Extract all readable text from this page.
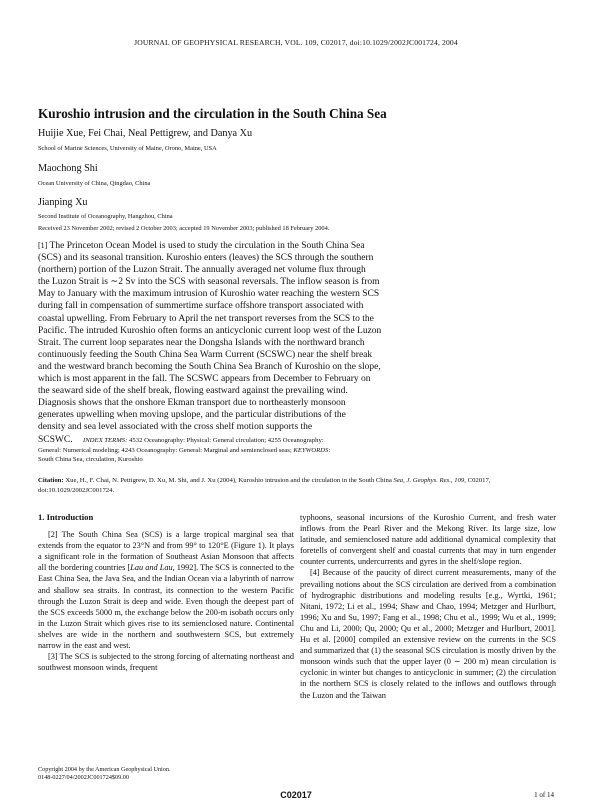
JOURNAL OF GEOPHYSICAL RESEARCH, VOL. 109, C02017, doi:10.1029/2002JC001724, 2004
Kuroshio intrusion and the circulation in the South China Sea
Huijie Xue, Fei Chai, Neal Pettigrew, and Danya Xu
School of Marine Sciences, University of Maine, Orono, Maine, USA
Maochong Shi
Ocean University of China, Qingdao, China
Jianping Xu
Second Institute of Oceanography, Hangzhou, China
Received 23 November 2002; revised 2 October 2003; accepted 19 November 2003; published 18 February 2004.
[1] The Princeton Ocean Model is used to study the circulation in the South China Sea
(SCS) and its seasonal transition. Kuroshio enters (leaves) the SCS through the southern
(northern) portion of the Luzon Strait. The annually averaged net volume flux through
the Luzon Strait is ∼2 Sv into the SCS with seasonal reversals. The inflow season is from
May to January with the maximum intrusion of Kuroshio water reaching the western SCS
during fall in compensation of summertime surface offshore transport associated with
coastal upwelling. From February to April the net transport reverses from the SCS to the
Pacific. The intruded Kuroshio often forms an anticyclonic current loop west of the Luzon
Strait. The current loop separates near the Dongsha Islands with the northward branch
continuously feeding the South China Sea Warm Current (SCSWC) near the shelf break
and the westward branch becoming the South China Sea Branch of Kuroshio on the slope,
which is most apparent in the fall. The SCSWC appears from December to February on
the seaward side of the shelf break, flowing eastward against the prevailing wind.
Diagnosis shows that the onshore Ekman transport due to northeasterly monsoon
generates upwelling when moving upslope, and the particular distributions of the
density and sea level associated with the cross shelf motion supports the
SCSWC. INDEX TERMS: 4532 Oceanography: Physical: General circulation; 4255 Oceanography:
General: Numerical modeling; 4243 Oceanography: General: Marginal and semienclosed seas; KEYWORDS:
South China Sea, circulation, Kuroshio
Citation: Xue, H., F. Chai, N. Pettigrew, D. Xu, M. Shi, and J. Xu (2004), Kuroshio intrusion and the circulation in the South China Sea, J. Geophys. Res., 109, C02017, doi:10.1029/2002JC001724.
1. Introduction

[2] The South China Sea (SCS) is a large tropical marginal sea that extends from the equator to 23°N and from 99° to 120°E (Figure 1). It plays a significant role in the formation of Southeast Asian Monsoon that affects all the bordering countries [Lau and Lau, 1992]. The SCS is connected to the East China Sea, the Java Sea, and the Indian Ocean via a labyrinth of narrow and shallow sea straits. In contrast, its connection to the western Pacific through the Luzon Strait is deep and wide. Even though the deepest part of the SCS exceeds 5000 m, the exchange below the 200-m isobath occurs only in the Luzon Strait which gives rise to its semienclosed nature. Continental shelves are wide in the northern and southwestern SCS, but extremely narrow in the east and west.

[3] The SCS is subjected to the strong forcing of alternating northeast and southwest monsoon winds, frequent

typhoons, seasonal incursions of the Kuroshio Current, and fresh water inflows from the Pearl River and the Mekong River. Its large size, low latitude, and semienclosed nature add additional dynamical complexity that foretells of convergent shelf and coastal currents that may in turn engender counter currents, undercurrents and gyres in the shelf/slope region.

[4] Because of the paucity of direct current measurements, many of the prevailing notions about the SCS circulation are derived from a combination of hydrographic distributions and modeling results [e.g., Wyrtki, 1961; Nitani, 1972; Li et al., 1994; Shaw and Chao, 1994; Metzger and Hurlburt, 1996; Xu and Su, 1997; Fang et al., 1998; Chu et al., 1999; Wu et al., 1999; Chu and Li, 2000; Qu, 2000; Qu et al., 2000; Metzger and Hurlburt, 2001]. Hu et al. [2000] compiled an extensive review on the currents in the SCS and summarized that (1) the seasonal SCS circulation is mostly driven by the monsoon winds such that the upper layer (0 ∼ 200 m) mean circulation is cyclonic in winter but changes to anticyclonic in summer; (2) the circulation in the northern SCS is closely related to the inflows and outflows through the Luzon and the Taiwan

Copyright 2004 by the American Geophysical Union.
0148-0227/04/2002JC001724$09.00
C02017	1 of 14
